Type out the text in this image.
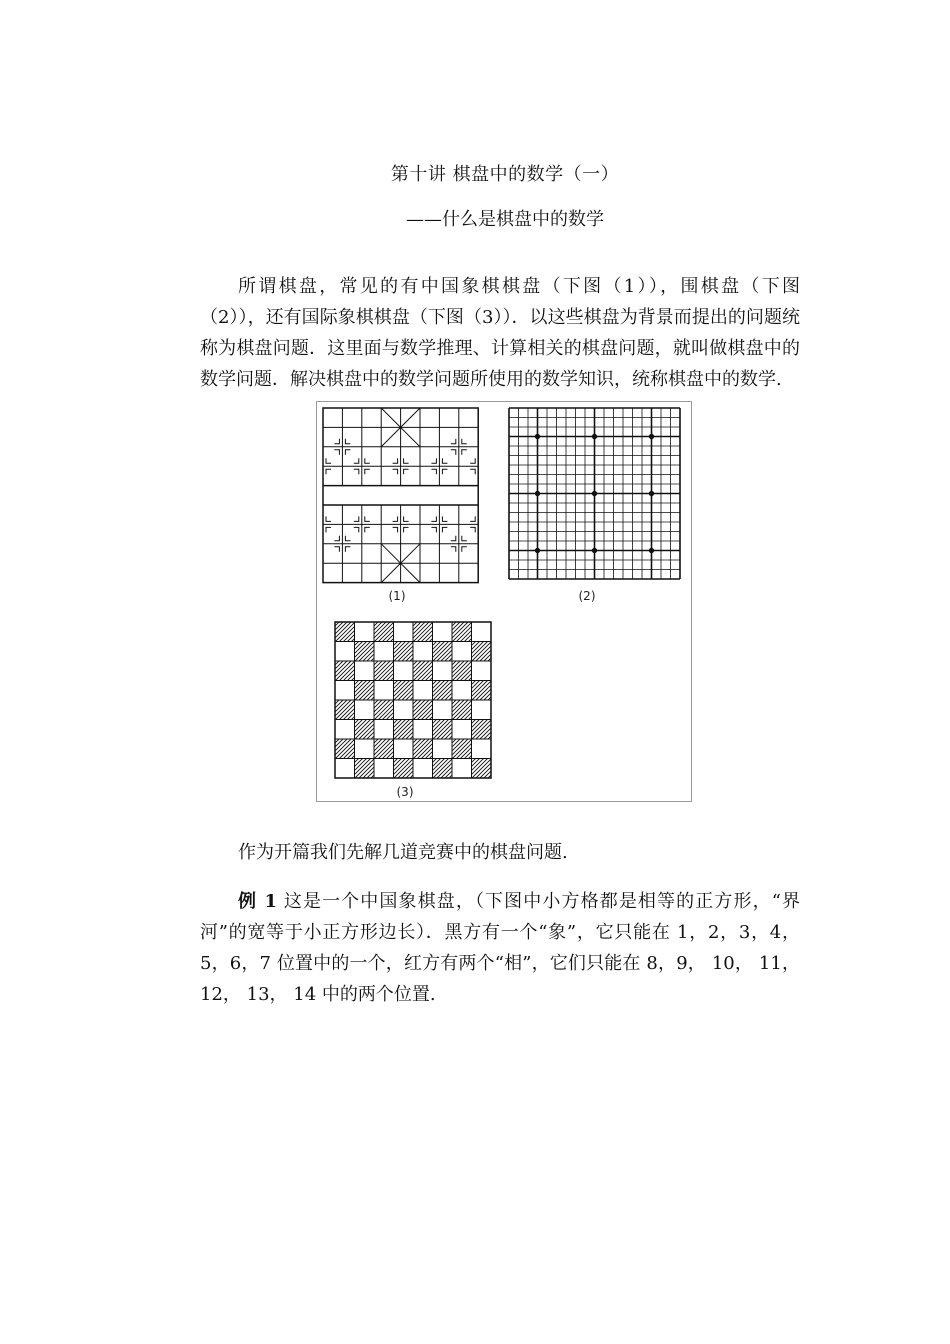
第十讲 棋盘中的数学（一）
——什么是棋盘中的数学

所谓棋盘，常见的有中国象棋棋盘（下图（1）），围棋盘（下图（2）），还有国际象棋棋盘（下图（3））．以这些棋盘为背景而提出的问题统称为棋盘问题．这里面与数学推理、计算相关的棋盘问题，就叫做棋盘中的数学问题．解决棋盘中的数学问题所使用的数学知识，统称棋盘中的数学.

(1)	(2)
(3)

作为开篇我们先解几道竞赛中的棋盘问题.

例 1 这是一个中国象棋盘，（下图中小方格都是相等的正方形，“界河”的宽等于小正方形边长）．黑方有一个“象”，它只能在 1，2，3，4，5，6，7 位置中的一个，红方有两个“相”，它们只能在 8，9， 10， 11， 12， 13， 14 中的两个位置.
